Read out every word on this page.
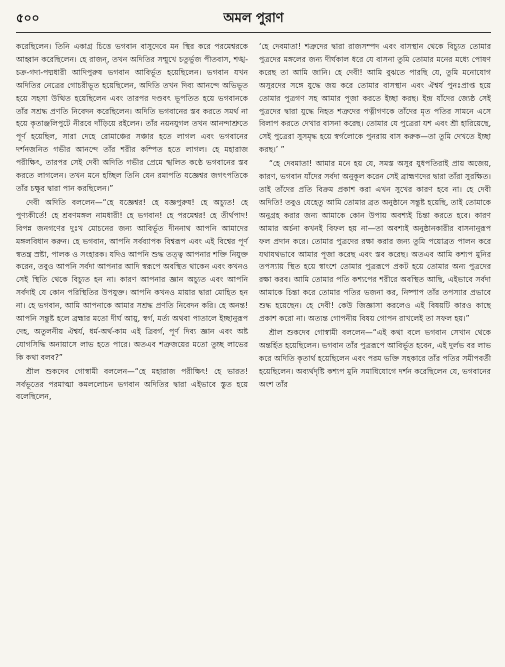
৫০০	অমল পুরাণ

করেছিলেন। তিনি একাগ্র চিত্তে ভগবান বাসুদেবে মন স্থির করে পরমেশ্বরকে আহ্বান করেছিলেন। হে রাজন্‌, তখন অদিতির সম্মুখে চতুর্ভুজ পীতবাস, শঙ্খ-চক্র-গদা-পদ্মধারী আদিপুরুষ ভগবান আবির্ভূত হয়েছিলেন। ভগবান যখন অদিতির নেত্রের গোচরীভূত হয়েছিলেন, অদিতি তখন দিব্য আনন্দে অভিভূত হয়ে সহসা উত্থিত হয়েছিলেন এবং তারপর দণ্ডবৎ ভূপতিত হয়ে ভগবানকে তাঁর সশ্রদ্ধ প্রণতি নিবেদন করেছিলেন। অদিতি ভগবানের স্তব করতে সমর্থ না হয়ে কৃতাঞ্জলিপুটে নীরবে দাঁড়িয়ে রইলেন। তাঁর নয়নযুগল তখন আনন্দাশ্রুতে পূর্ণ হয়েছিল, সারা দেহে রোমাঞ্চের সঞ্চার হতে লাগল এবং ভগবানের দর্শনজনিত গভীর আনন্দে তাঁর শরীর কম্পিত হতে লাগল। হে মহারাজ পরীক্ষিৎ, তারপর সেই দেবী অদিতি গভীর প্রেমে স্খলিত কণ্ঠে ভগবানের স্তব করতে লাগলেন। তখন মনে হচ্ছিল তিনি যেন রমাপতি যজ্ঞেশ্বর জগৎপতিকে তাঁর চক্ষুর দ্বারা পান করছিলেন।”

দেবী অদিতি বললেন—“হে যজ্ঞেশ্বর! হে যজ্ঞপুরুষ! হে অচ্যুত! হে পুণ্যকীর্তে! হে শ্রবণমঙ্গল নামধারী! হে ভগবান! হে পরমেশ্বর! হে তীর্থপাদ! বিপন্ন জনগণের দুঃখ মোচনের জন্য আবির্ভূত দীননাথ আপনি আমাদের মঙ্গলবিধান করুন। হে ভগবান, আপনি সর্বব্যাপক বিশ্বরূপ এবং এই বিশ্বের পূর্ণ স্বতন্ত্র স্রষ্টা, পালক ও সংহারক। যদিও আপনি শুদ্ধ তত্ত্ব আপনার শক্তি নিযুক্ত করেন, তবুও আপনি সর্বদা আপনার আদি স্বরূপে অবস্থিত থাকেন এবং কখনও সেই স্থিতি থেকে বিচ্যুত হন না। কারণ আপনার জ্ঞান অচ্যুত এবং আপনি সর্বদাই যে কোন পরিস্থিতির উপযুক্ত। আপনি কখনও মায়ার দ্বারা মোহিত হন না। হে ভগবান, আমি আপনাকে আমার সশ্রদ্ধ প্রণতি নিবেদন করি। হে অনন্ত! আপনি সন্তুষ্ট হলে ব্রহ্মার মতো দীর্ঘ আয়ু, স্বর্গ, মর্ত্য অথবা পাতালে ইচ্ছানুরূপ দেহ, অতুলনীয় ঐশ্বর্য, ধর্ম-অর্থ-কাম এই ত্রিবর্গ, পূর্ণ দিব্য জ্ঞান এবং অষ্ট যোগসিদ্ধি অনায়াসে লাভ হতে পারে। অতএব শত্রুজয়ের মতো তুচ্ছ লাভের কি কথা বলব?”

শ্রীল শুকদেব গোস্বামী বললেন—“হে মহারাজ পরীক্ষিৎ! হে ভারত! সর্বভূতের পরমাত্মা কমললোচন ভগবান অদিতির দ্বারা এইভাবে স্তুত হয়ে বলেছিলেন,

‘হে দেবমাতা! শত্রুদের দ্বারা রাজসম্পদ এবং বাসস্থান থেকে বিচ্যুত তোমার পুত্রদের মঙ্গলের জন্য দীর্ঘকাল ধরে যে বাসনা তুমি তোমার মনের মধ্যে পোষণ করেছ তা আমি জানি। হে দেবী! আমি বুঝতে পারছি যে, তুমি মনোযোগ অসুরদের সঙ্গে যুদ্ধে জয় করে তোমার বাসস্থান এবং ঐশ্বর্য পুনঃপ্রাপ্ত হয়ে তোমার পুত্রগণ সহ আমার পূজা করতে ইচ্ছা করছ। ইন্দ্র যাঁদের জ্যেষ্ঠ সেই পুত্রদের দ্বারা যুদ্ধে নিহত শত্রুদের পত্নীগণকে তাঁদের মৃত পতির সামনে এসে বিলাপ করতে দেখার বাসনা করেছ। তোমার যে পুত্রেরা যশ এবং শ্রী হারিয়েছে, সেই পুত্রেরা সুসমৃদ্ধ হয়ে স্বর্গলোকে পুনরায় বাস করুক—তা তুমি দেখতে ইচ্ছা করছ।’ ”

“হে দেবমাতা! আমার মনে হয় যে, সমস্ত অসুর যুধপতিরাই প্রায় অজেয়, কারণ, ভগবান যাঁদের সর্বদা অনুকূল করেন সেই ব্রাহ্মণদের দ্বারা তাঁরা সুরক্ষিত। তাই তাঁদের প্রতি বিক্রম প্রকাশ করা এখন সুখের কারণ হবে না। হে দেবী অদিতি! তবুও যেহেতু আমি তোমার ব্রত অনুষ্ঠানে সন্তুষ্ট হয়েছি, তাই তোমাকে অনুগ্রহ করার জন্য আমাকে কোন উপায় অবশ্যই চিন্তা করতে হবে। কারণ আমার অর্চনা কখনই বিফল হয় না—তা অবশ্যই অনুষ্ঠানকারীর বাসনানুরূপ ফল প্রদান করে। তোমার পুত্রদের রক্ষা করার জন্য তুমি পয়োব্রত পালন করে যথাযথভাবে আমার পূজা করেছ এবং স্তব করেছ। অতএব আমি কশ্যপ মুনির তপস্যায় স্থিত হয়ে স্বাংশে তোমার পুত্ররূপে প্রকট হয়ে তোমার অন্য পুত্রদের রক্ষা করব। আমি তোমার পতি কশ্যপের শরীরে অবস্থিত আছি, এইভাবে সর্বদা আমাকে চিন্তা করে তোমার পতির ভজনা কর, নিষ্পাপ তাঁর তপস্যার প্রভাবে শুদ্ধ হয়েছেন। হে দেবী! কেউ জিজ্ঞাসা করলেও এই বিষয়টি কারও কাছে প্রকাশ করো না। অত্যন্ত গোপনীয় বিষয় গোপন রাখলেই তা সফল হয়।”

শ্রীল শুকদেব গোস্বামী বললেন—“এই কথা বলে ভগবান সেখান থেকে অন্তর্হিত হয়েছিলেন। ভগবান তাঁর পুত্ররূপে আবির্ভূত হবেন, এই দুর্লভ বর লাভ করে অদিতি কৃতার্থ হয়েছিলেন এবং পরম ভক্তি সহকারে তাঁর পতির সমীপবর্তী হয়েছিলেন। অব্যর্থদৃষ্টি কশ্যপ মুনি সমাধিযোগে দর্শন করেছিলেন যে, ভগবানের অংশ তাঁর
